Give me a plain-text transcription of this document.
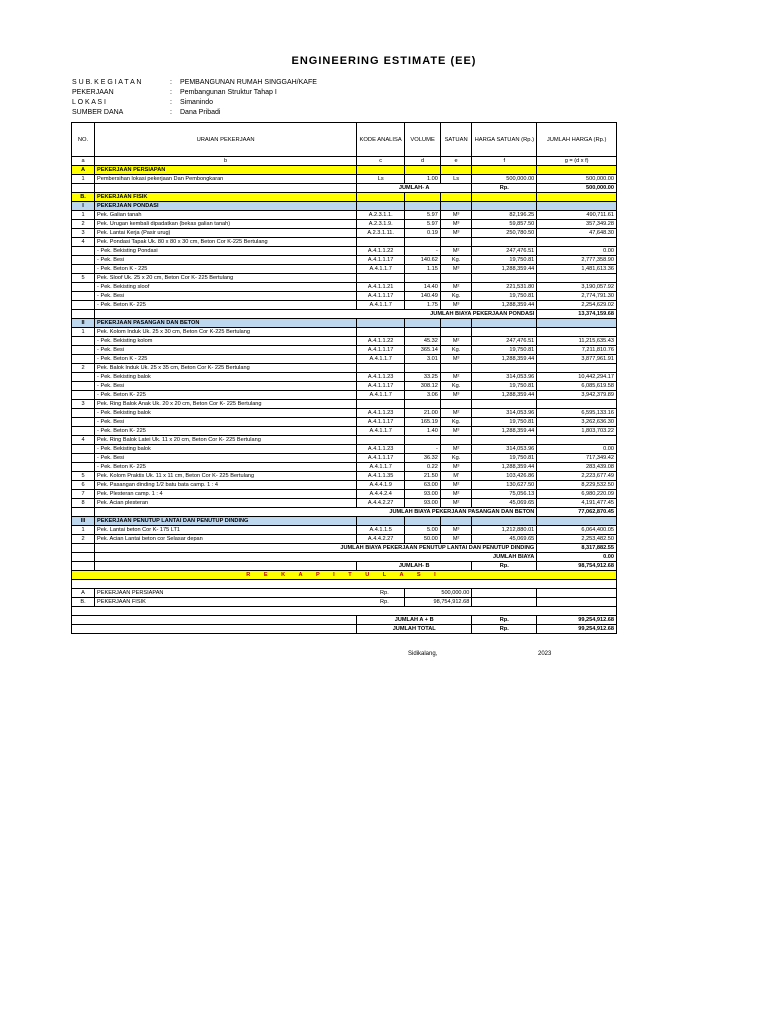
ENGINEERING ESTIMATE (EE)
S U B. K E G I A T A N	:	PEMBANGUNAN RUMAH SINGGAH/KAFE
PEKERJAAN	:	Pembangunan Struktur Tahap I
L O K A S I	:	Simanindo
SUMBER DANA	:	Dana Pribadi
NO.	URAIAN PEKERJAAN	KODE ANALISA	VOLUME	SATUAN	HARGA SATUAN (Rp.)	JUMLAH HARGA (Rp.)
a	b	c	d	e	f	g = (d x f)
A	PEKERJAAN PERSIAPAN					
1	Pembersihan lokasi pekerjaan Dan Pembongkaran	Ls	1.00	Ls	500,000.00	500,000.00
		JUMLAH- A			Rp.	500,000.00
B.	PEKERJAAN FISIK					
I	PEKERJAAN PONDASI					
1	Pek. Galian tanah	A.2.3.1.1.	5.97	M³	82,196.25	490,711.61
2	Pek. Urugan kembali dipadatkan (bekas galian tanah)	A.2.3.1.9.	5.97	M³	59,857.50	357,349.28
3	Pek. Lantai Kerja (Pasir urug)	A.2.3.1.11.	0.19	M³	250,780.50	47,648.30
4	Pek. Pondasi Tapak Uk. 80 x 80 x 30 cm, Beton Cor K-225 Bertulang					
	- Pek. Bekisting Pondasi	A.4.1.1.22	-	M²	247,476.51	0.00
	- Pek. Besi	A.4.1.1.17	140.62	Kg.	19,750.81	2,777,358.90
	- Pek. Beton K - 225	A.4.1.1.7	1.15	M³	1,288,359.44	1,481,613.36
5	Pek. Sloof Uk. 25 x 20 cm, Beton Cor K- 225 Bertulang					
	- Pek. Bekisting sloof	A.4.1.1.21	14.40	M²	221,531.80	3,190,057.92
	- Pek. Besi	A.4.1.1.17	140.49	Kg.	19,750.81	2,774,791.30
	- Pek. Beton K- 225	A.4.1.1.7	1.75	M³	1,288,359.44	2,254,629.02
	JUMLAH BIAYA PEKERJAAN PONDASI					13,374,159.68
II	PEKERJAAN PASANGAN DAN BETON					
1	Pek. Kolom Induk Uk. 25 x 30 cm, Beton Cor K-225 Bertulang					
	- Pek. Bekisting kolom	A.4.1.1.22	45.32	M²	247,476.51	11,215,635.43
	- Pek. Besi	A.4.1.1.17	365.14	Kg.	19,750.81	7,211,810.76
	- Pek. Beton K - 225	A.4.1.1.7	3.01	M³	1,288,359.44	3,877,961.91
2	Pek. Balok Induk Uk. 25 x 35 cm, Beton Cor K- 225 Bertulang					
	- Pek. Bekisting balok	A.4.1.1.23	33.25	M²	314,053.96	10,442,294.17
	- Pek. Besi	A.4.1.1.17	308.12	Kg.	19,750.81	6,085,619.58
	- Pek. Beton K- 225	A.4.1.1.7	3.06	M³	1,288,359.44	3,942,379.89
3	Pek. Ring Balok Anak Uk. 20 x 20 cm, Beton Cor K- 225 Bertulang					
	- Pek. Bekisting balok	A.4.1.1.23	21.00	M²	314,053.96	6,595,133.16
	- Pek. Besi	A.4.1.1.17	165.19	Kg.	19,750.81	3,262,636.30
	- Pek. Beton K- 225	A.4.1.1.7	1.40	M³	1,288,359.44	1,803,703.22
4	Pek. Ring Balok Latei Uk. 11 x 20 cm, Beton Cor K- 225 Bertulang					
	- Pek. Bekisting balok	A.4.1.1.23	-	M²	314,053.96	0.00
	- Pek. Besi	A.4.1.1.17	36.32	Kg.	19,750.81	717,349.42
	- Pek. Beton K- 225	A.4.1.1.7	0.22	M³	1,288,359.44	283,439.08
5	Pek. Kolom Praktis Uk. 11 x 11 cm, Beton Cor K- 225 Bertulang	A.4.1.1.35	21.50	M'	103,426.86	2,223,677.49
6	Pek. Pasangan dinding 1/2 batu bata camp. 1 : 4	A.4.4.1.9	63.00	M²	130,627.50	8,229,532.50
7	Pek. Plesteran camp. 1 : 4	A.4.4.2.4	93.00	M²	75,056.13	6,980,220.09
8	Pek. Acian plesteran	A.4.4.2.27	93.00	M²	45,069.65	4,191,477.45
	JUMLAH BIAYA PEKERJAAN PASANGAN DAN BETON					77,062,870.45
III	PEKERJAAN PENUTUP LANTAI DAN PENUTUP DINDING					
1	Pek. Lantai beton Cor K- 175 LT1	A.4.1.1.5	5.00	M³	1,212,880.01	6,064,400.05
2	Pek. Acian Lantai beton cor Selasar depan	A.4.4.2.27	50.00	M²	45,069.65	2,253,482.50
	JUMLAH BIAYA PEKERJAAN PENUTUP LANTAI DAN PENUTUP DINDING					8,317,882.55
	JUMLAH BIAYA					0.00
		JUMLAH- B			Rp.	98,754,912.68
R E K A P I T U L A S I						

A	PEKERJAAN PERSIAPAN Rp.		500,000.00			
B.	PEKERJAAN FISIK Rp.		98,754,912.68			

		JUMLAH A + B			Rp.	99,254,912.68
		JUMLAH TOTAL			Rp.	99,254,912.68
Sidikalang,	2023
